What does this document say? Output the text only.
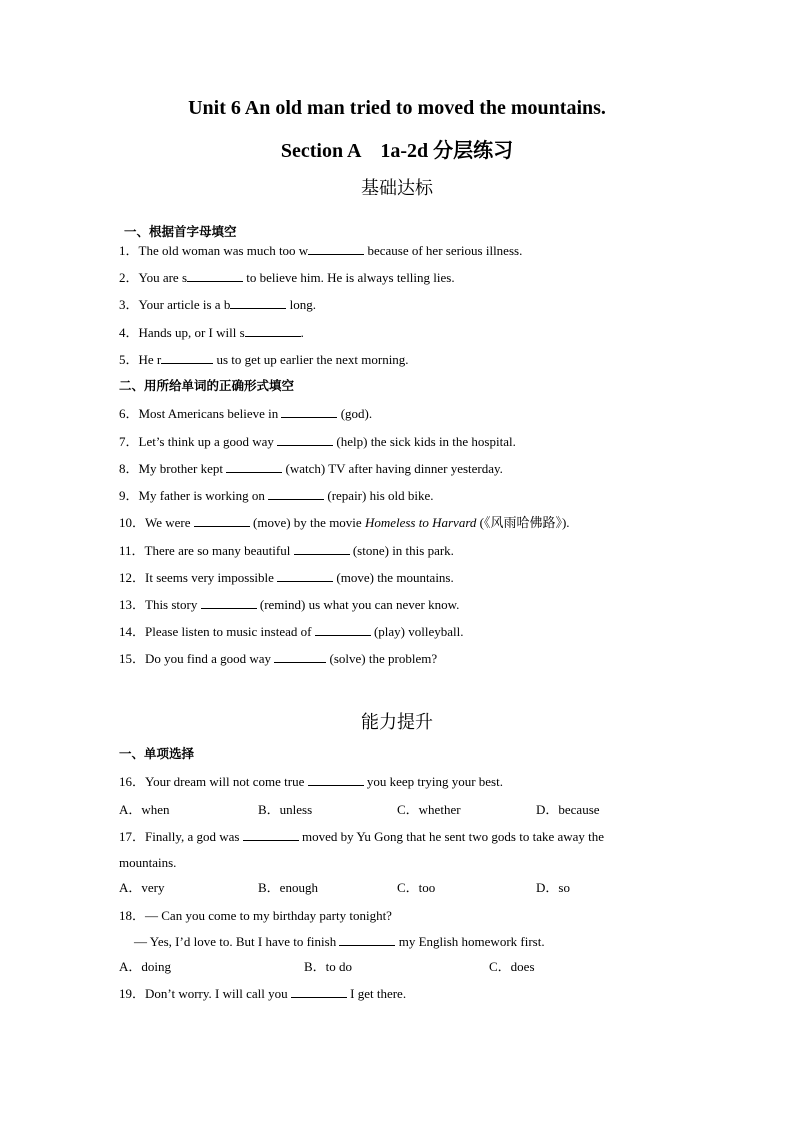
Unit 6 An old man tried to moved the mountains.
Section A　1a-2d 分层练习
基础达标
一、根据首字母填空
1．The old woman was much too w	because of her serious illness.
2．You are s	to believe him. He is always telling lies.
3．Your article is a b	long.
4．Hands up, or I will s	.
5．He r	us to get up earlier the next morning.
二、用所给单词的正确形式填空
6．Most Americans believe in	(god).
7．Let’s think up a good way	(help) the sick kids in the hospital.
8．My brother kept	(watch) TV after having dinner yesterday.
9．My father is working on	(repair) his old bike.
10．We were	(move) by the movie Homeless to Harvard (《风雨哈佛路》).
11．There are so many beautiful	(stone) in this park.
12．It seems very impossible	(move) the mountains.
13．This story	(remind) us what you can never know.
14．Please listen to music instead of	(play) volleyball.
15．Do you find a good way	(solve) the problem?
能力提升
一、单项选择
16．Your dream will not come true	you keep trying your best.
A．when	B．unless	C．whether	D．because
17．Finally, a god was	moved by Yu Gong that he sent two gods to take away the
mountains.
A．very	B．enough	C．too	D．so
18．— Can you come to my birthday party tonight?
— Yes, I’d love to. But I have to finish	my English homework first.
A．doing	B．to do	C．does
19．Don’t worry. I will call you	I get there.
